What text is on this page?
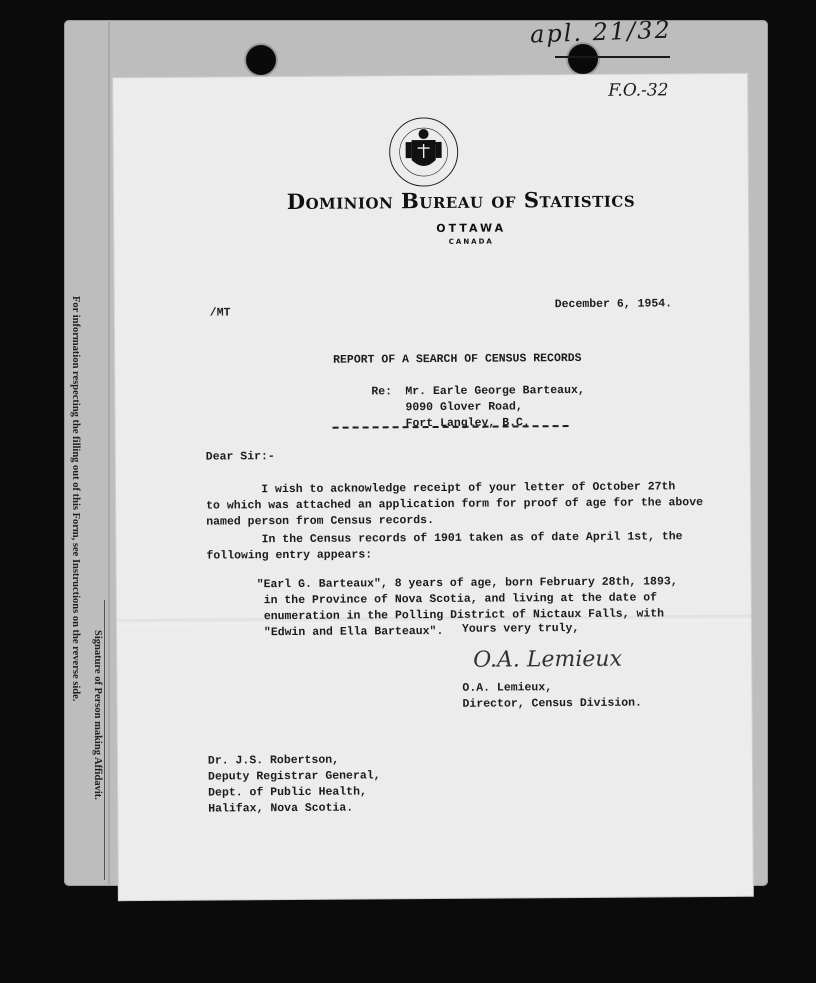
apl. 21/32
For information respecting the filling out of this Form, see Instructions on the reverse side.
Signature of Person making Affidavit.
F.O.-32
Dominion Bureau of Statistics
OTTAWA
CANADA
/MT
December 6, 1954.
REPORT OF A SEARCH OF CENSUS RECORDS
Re: Mr. Earle George Barteaux,
9090 Glover Road,
Fort Langley, B.C.
Dear Sir:-
I wish to acknowledge receipt of your letter of October 27th
to which was attached an application form for proof of age for the above
named person from Census records.
In the Census records of 1901 taken as of date April 1st, the
following entry appears:
"Earl G. Barteaux", 8 years of age, born February 28th, 1893,
in the Province of Nova Scotia, and living at the date of
enumeration in the Polling District of Nictaux Falls, with
"Edwin and Ella Barteaux".	Yours very truly,
O.A. Lemieux
O.A. Lemieux,
Director, Census Division.
Dr. J.S. Robertson,
Deputy Registrar General,
Dept. of Public Health,
Halifax, Nova Scotia.
